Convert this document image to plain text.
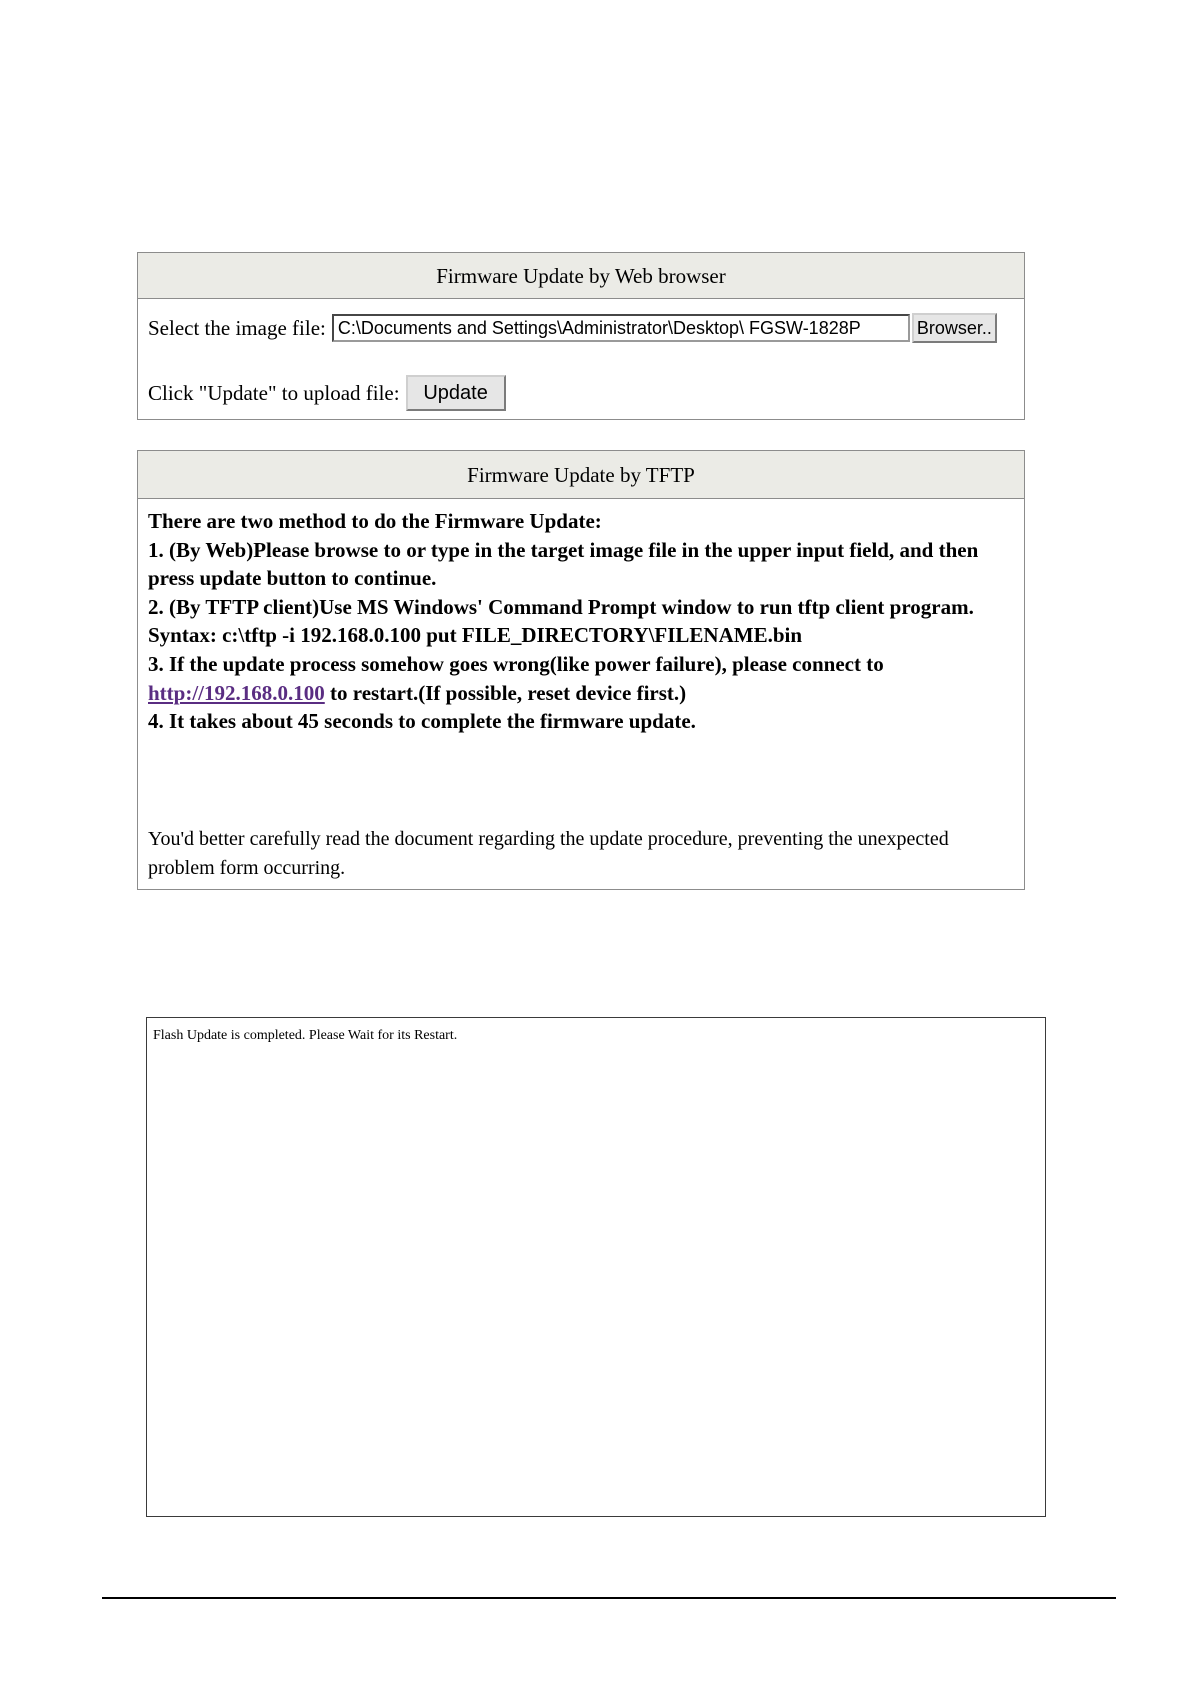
Firmware Update by Web browser
Select the image file:
C:\Documents and Settings\Administrator\Desktop\ FGSW-1828P	Browser..
Click "Update" to upload file:	Update
Firmware Update by TFTP

There are two method to do the Firmware Update:

1. (By Web)Please browse to or type in the target image file in the upper input field, and then press update button to continue.

2. (By TFTP client)Use MS Windows' Command Prompt window to run tftp client program.

Syntax: c:\tftp -i 192.168.0.100 put FILE_DIRECTORY\FILENAME.bin

3. If the update process somehow goes wrong(like power failure), please connect to http://192.168.0.100 to restart.(If possible, reset device first.)

4. It takes about 45 seconds to complete the firmware update.

You'd better carefully read the document regarding the update procedure, preventing the unexpected problem form occurring.
Flash Update is completed. Please Wait for its Restart.
